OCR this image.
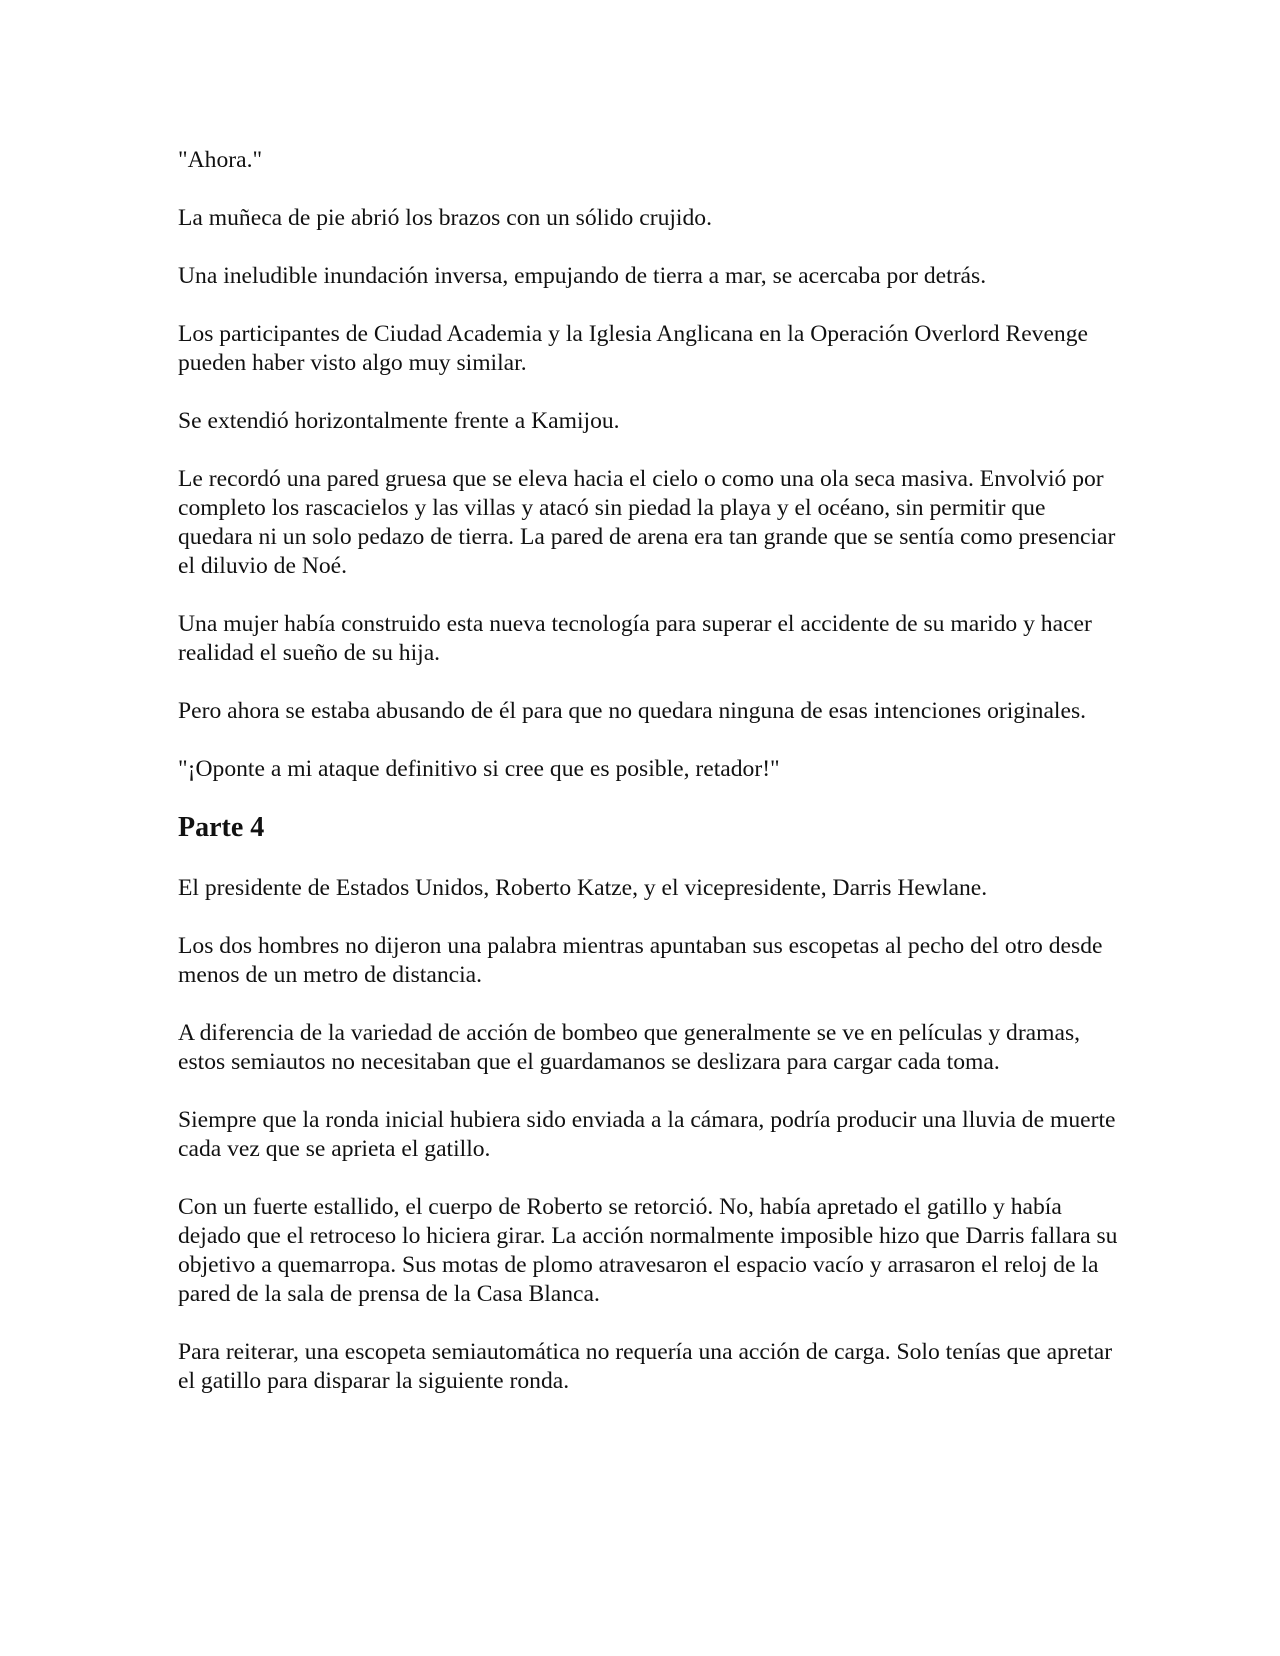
"Ahora."

La muñeca de pie abrió los brazos con un sólido crujido.

Una ineludible inundación inversa, empujando de tierra a mar, se acercaba por detrás.

Los participantes de Ciudad Academia y la Iglesia Anglicana en la Operación Overlord Revenge pueden haber visto algo muy similar.

Se extendió horizontalmente frente a Kamijou.

Le recordó una pared gruesa que se eleva hacia el cielo o como una ola seca masiva. Envolvió por completo los rascacielos y las villas y atacó sin piedad la playa y el océano, sin permitir que quedara ni un solo pedazo de tierra. La pared de arena era tan grande que se sentía como presenciar el diluvio de Noé.

Una mujer había construido esta nueva tecnología para superar el accidente de su marido y hacer realidad el sueño de su hija.

Pero ahora se estaba abusando de él para que no quedara ninguna de esas intenciones originales.

"¡Oponte a mi ataque definitivo si cree que es posible, retador!"

Parte 4

El presidente de Estados Unidos, Roberto Katze, y el vicepresidente, Darris Hewlane.

Los dos hombres no dijeron una palabra mientras apuntaban sus escopetas al pecho del otro desde menos de un metro de distancia.

A diferencia de la variedad de acción de bombeo que generalmente se ve en películas y dramas, estos semiautos no necesitaban que el guardamanos se deslizara para cargar cada toma.

Siempre que la ronda inicial hubiera sido enviada a la cámara, podría producir una lluvia de muerte cada vez que se aprieta el gatillo.

Con un fuerte estallido, el cuerpo de Roberto se retorció. No, había apretado el gatillo y había dejado que el retroceso lo hiciera girar. La acción normalmente imposible hizo que Darris fallara su objetivo a quemarropa. Sus motas de plomo atravesaron el espacio vacío y arrasaron el reloj de la pared de la sala de prensa de la Casa Blanca.

Para reiterar, una escopeta semiautomática no requería una acción de carga. Solo tenías que apretar el gatillo para disparar la siguiente ronda.
